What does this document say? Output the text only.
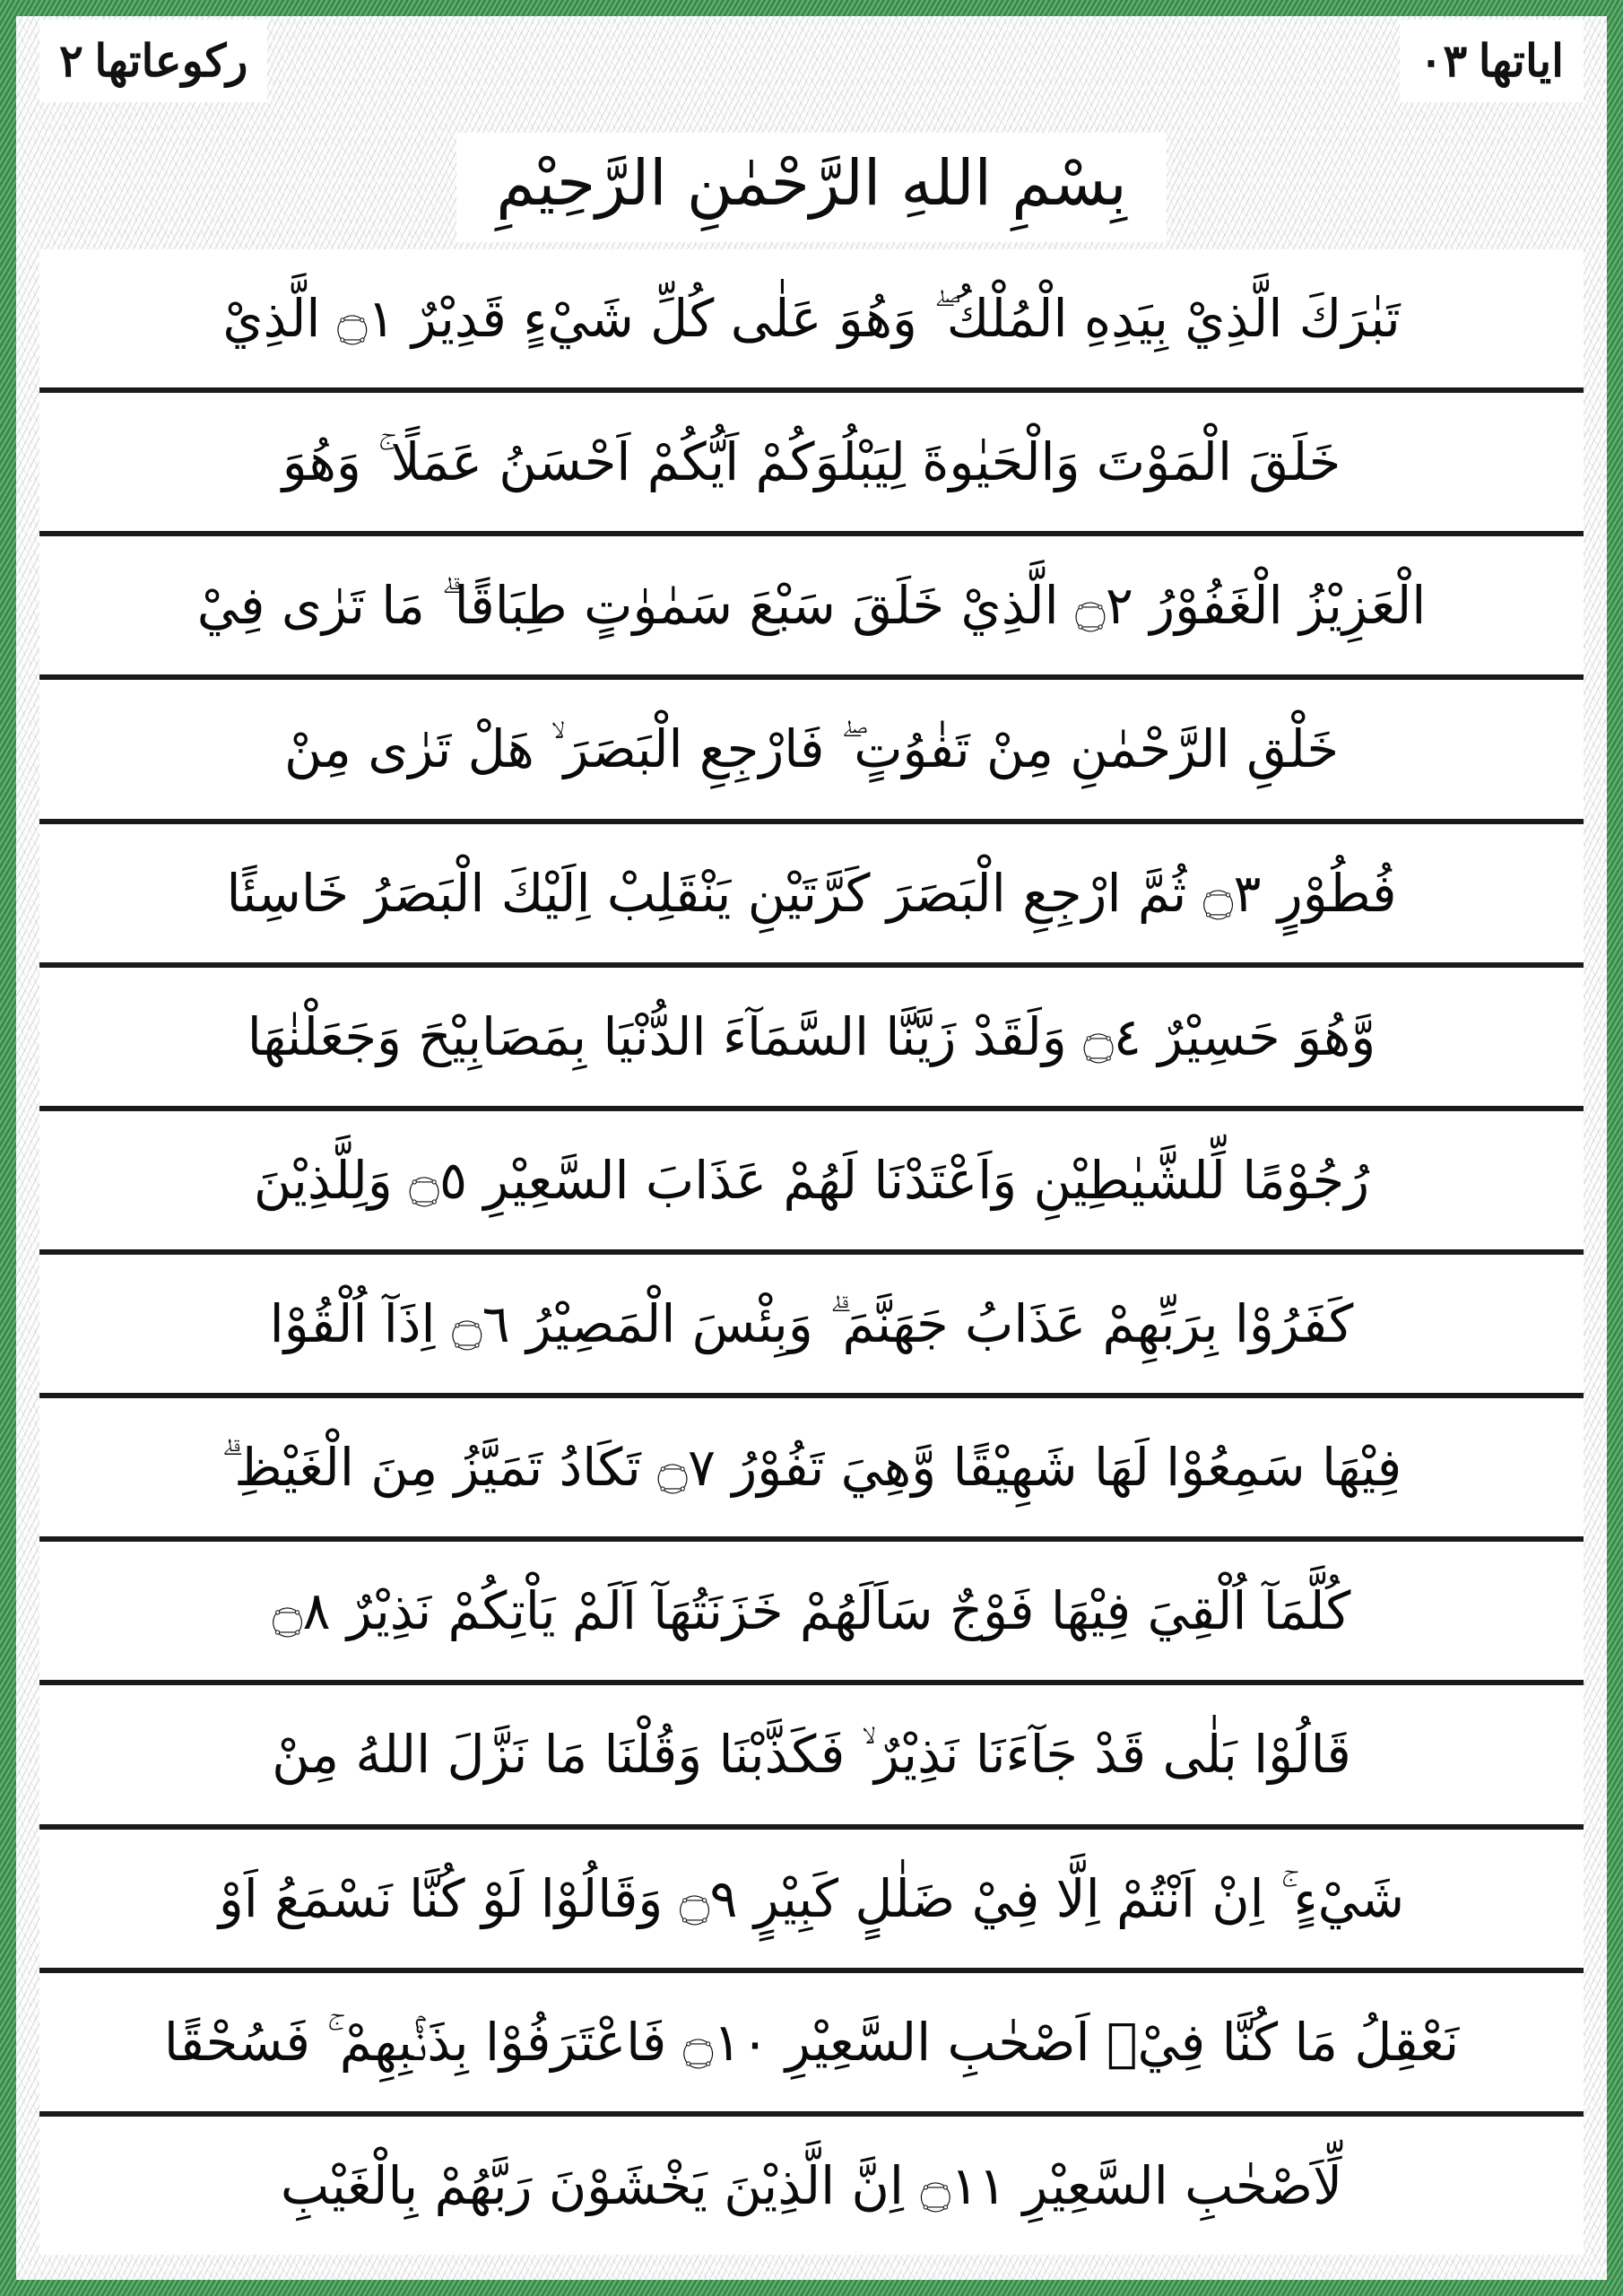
ركوعاتها ٢	اياتها ٣٠
بِسْمِ اللهِ الرَّحْمٰنِ الرَّحِيْمِ
تَبٰرَكَ الَّذِيْ بِيَدِهِ الْمُلْكُ ۖ وَهُوَ عَلٰى كُلِّ شَيْءٍ قَدِيْرٌ ۝١ الَّذِيْ
خَلَقَ الْمَوْتَ وَالْحَيٰوةَ لِيَبْلُوَكُمْ اَيُّكُمْ اَحْسَنُ عَمَلًا ۚ وَهُوَ
الْعَزِيْزُ الْغَفُوْرُ ۝٢ الَّذِيْ خَلَقَ سَبْعَ سَمٰوٰتٍ طِبَاقًا ۗ مَا تَرٰى فِيْ
خَلْقِ الرَّحْمٰنِ مِنْ تَفٰوُتٍ ۖ فَارْجِعِ الْبَصَرَ ۙ هَلْ تَرٰى مِنْ
فُطُوْرٍ ۝٣ ثُمَّ ارْجِعِ الْبَصَرَ كَرَّتَيْنِ يَنْقَلِبْ اِلَيْكَ الْبَصَرُ خَاسِئًا
وَّهُوَ حَسِيْرٌ ۝٤ وَلَقَدْ زَيَّنَّا السَّمَآءَ الدُّنْيَا بِمَصَابِيْحَ وَجَعَلْنٰهَا
رُجُوْمًا لِّلشَّيٰطِيْنِ وَاَعْتَدْنَا لَهُمْ عَذَابَ السَّعِيْرِ ۝٥ وَلِلَّذِيْنَ
كَفَرُوْا بِرَبِّهِمْ عَذَابُ جَهَنَّمَ ۗ وَبِئْسَ الْمَصِيْرُ ۝٦ اِذَآ اُلْقُوْا
فِيْهَا سَمِعُوْا لَهَا شَهِيْقًا وَّهِيَ تَفُوْرُ ۝٧ تَكَادُ تَمَيَّزُ مِنَ الْغَيْظِ ۗ
كُلَّمَآ اُلْقِيَ فِيْهَا فَوْجٌ سَاَلَهُمْ خَزَنَتُهَآ اَلَمْ يَاْتِكُمْ نَذِيْرٌ ۝٨
قَالُوْا بَلٰى قَدْ جَآءَنَا نَذِيْرٌ ۙ فَكَذَّبْنَا وَقُلْنَا مَا نَزَّلَ اللهُ مِنْ
شَيْءٍ ۚ اِنْ اَنْتُمْ اِلَّا فِيْ ضَلٰلٍ كَبِيْرٍ ۝٩ وَقَالُوْا لَوْ كُنَّا نَسْمَعُ اَوْ
نَعْقِلُ مَا كُنَّا فِيْۤ اَصْحٰبِ السَّعِيْرِ ۝١٠ فَاعْتَرَفُوْا بِذَنْۢبِهِمْ ۚ فَسُحْقًا
لِّاَصْحٰبِ السَّعِيْرِ ۝١١ اِنَّ الَّذِيْنَ يَخْشَوْنَ رَبَّهُمْ بِالْغَيْبِ
